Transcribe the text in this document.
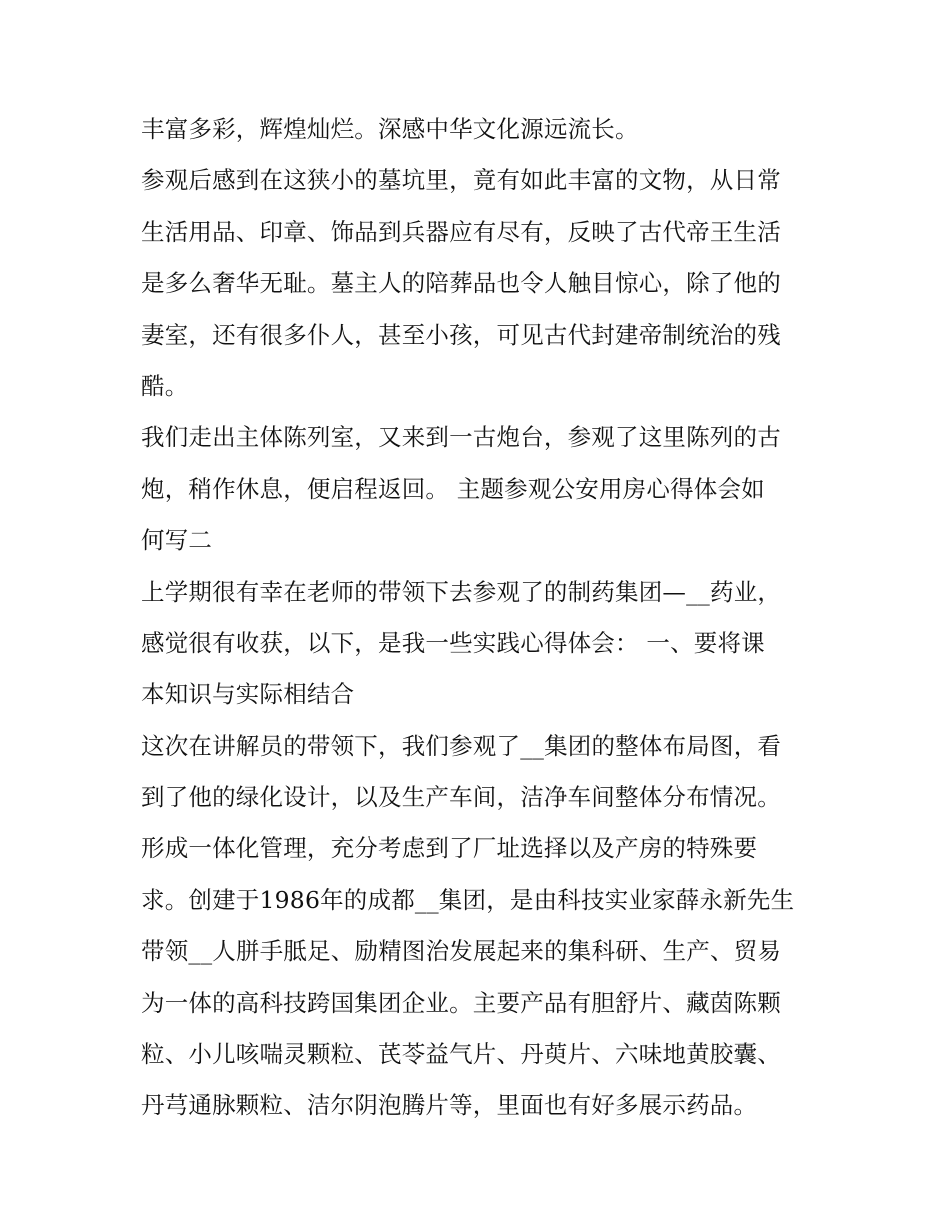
丰富多彩，辉煌灿烂。深感中华文化源远流长。
参观后感到在这狭小的墓坑里，竟有如此丰富的文物，从日常
生活用品、印章、饰品到兵器应有尽有，反映了古代帝王生活
是多么奢华无耻。墓主人的陪葬品也令人触目惊心，除了他的
妻室，还有很多仆人，甚至小孩，可见古代封建帝制统治的残
酷。
我们走出主体陈列室，又来到一古炮台，参观了这里陈列的古
炮，稍作休息，便启程返回。 主题参观公安用房心得体会如
何写二
上学期很有幸在老师的带领下去参观了的制药集团—__药业，
感觉很有收获，以下，是我一些实践心得体会： 一、要将课
本知识与实际相结合
这次在讲解员的带领下，我们参观了__集团的整体布局图，看
到了他的绿化设计，以及生产车间，洁净车间整体分布情况。
形成一体化管理，充分考虑到了厂址选择以及产房的特殊要
求。创建于1986年的成都__集团，是由科技实业家薛永新先生
带领__人胼手胝足、励精图治发展起来的集科研、生产、贸易
为一体的高科技跨国集团企业。主要产品有胆舒片、藏茵陈颗
粒、小儿咳喘灵颗粒、芪苓益气片、丹萸片、六味地黄胶囊、
丹芎通脉颗粒、洁尔阴泡腾片等，里面也有好多展示药品。
